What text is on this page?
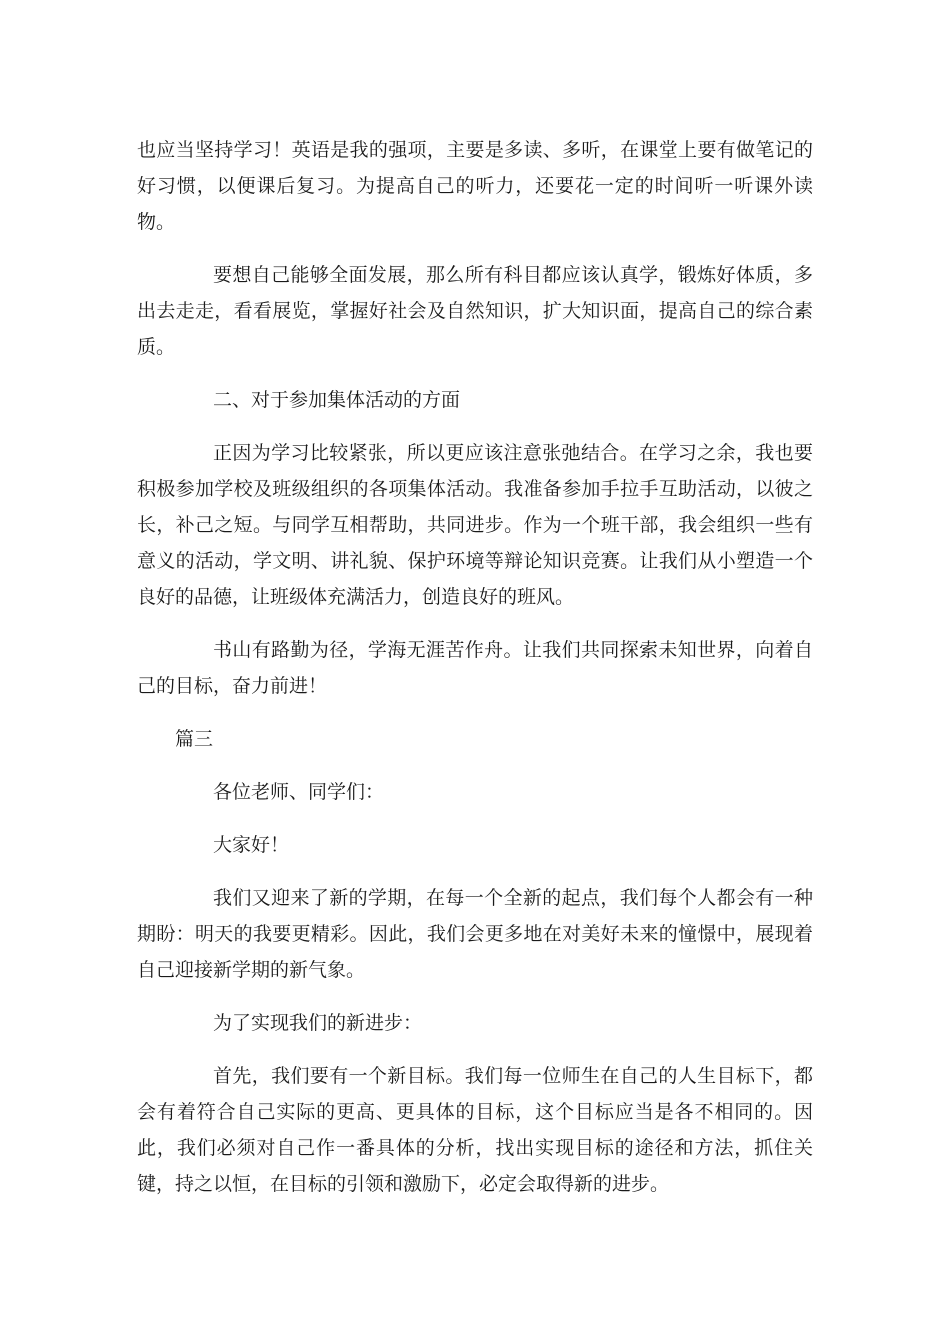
也应当坚持学习！英语是我的强项，主要是多读、多听，在课堂上要有做笔记的好习惯，以便课后复习。为提高自己的听力，还要花一定的时间听一听课外读物。

要想自己能够全面发展，那么所有科目都应该认真学，锻炼好体质，多出去走走，看看展览，掌握好社会及自然知识，扩大知识面，提高自己的综合素质。

二、对于参加集体活动的方面

正因为学习比较紧张，所以更应该注意张弛结合。在学习之余，我也要积极参加学校及班级组织的各项集体活动。我准备参加手拉手互助活动，以彼之长，补己之短。与同学互相帮助，共同进步。作为一个班干部，我会组织一些有意义的活动，学文明、讲礼貌、保护环境等辩论知识竞赛。让我们从小塑造一个良好的品德，让班级体充满活力，创造良好的班风。

书山有路勤为径，学海无涯苦作舟。让我们共同探索未知世界，向着自己的目标，奋力前进！

篇三

各位老师、同学们：

大家好！

我们又迎来了新的学期，在每一个全新的起点，我们每个人都会有一种期盼：明天的我要更精彩。因此，我们会更多地在对美好未来的憧憬中，展现着自己迎接新学期的新气象。

为了实现我们的新进步：

首先，我们要有一个新目标。我们每一位师生在自己的人生目标下，都会有着符合自己实际的更高、更具体的目标，这个目标应当是各不相同的。因此，我们必须对自己作一番具体的分析，找出实现目标的途径和方法，抓住关键，持之以恒，在目标的引领和激励下，必定会取得新的进步。
